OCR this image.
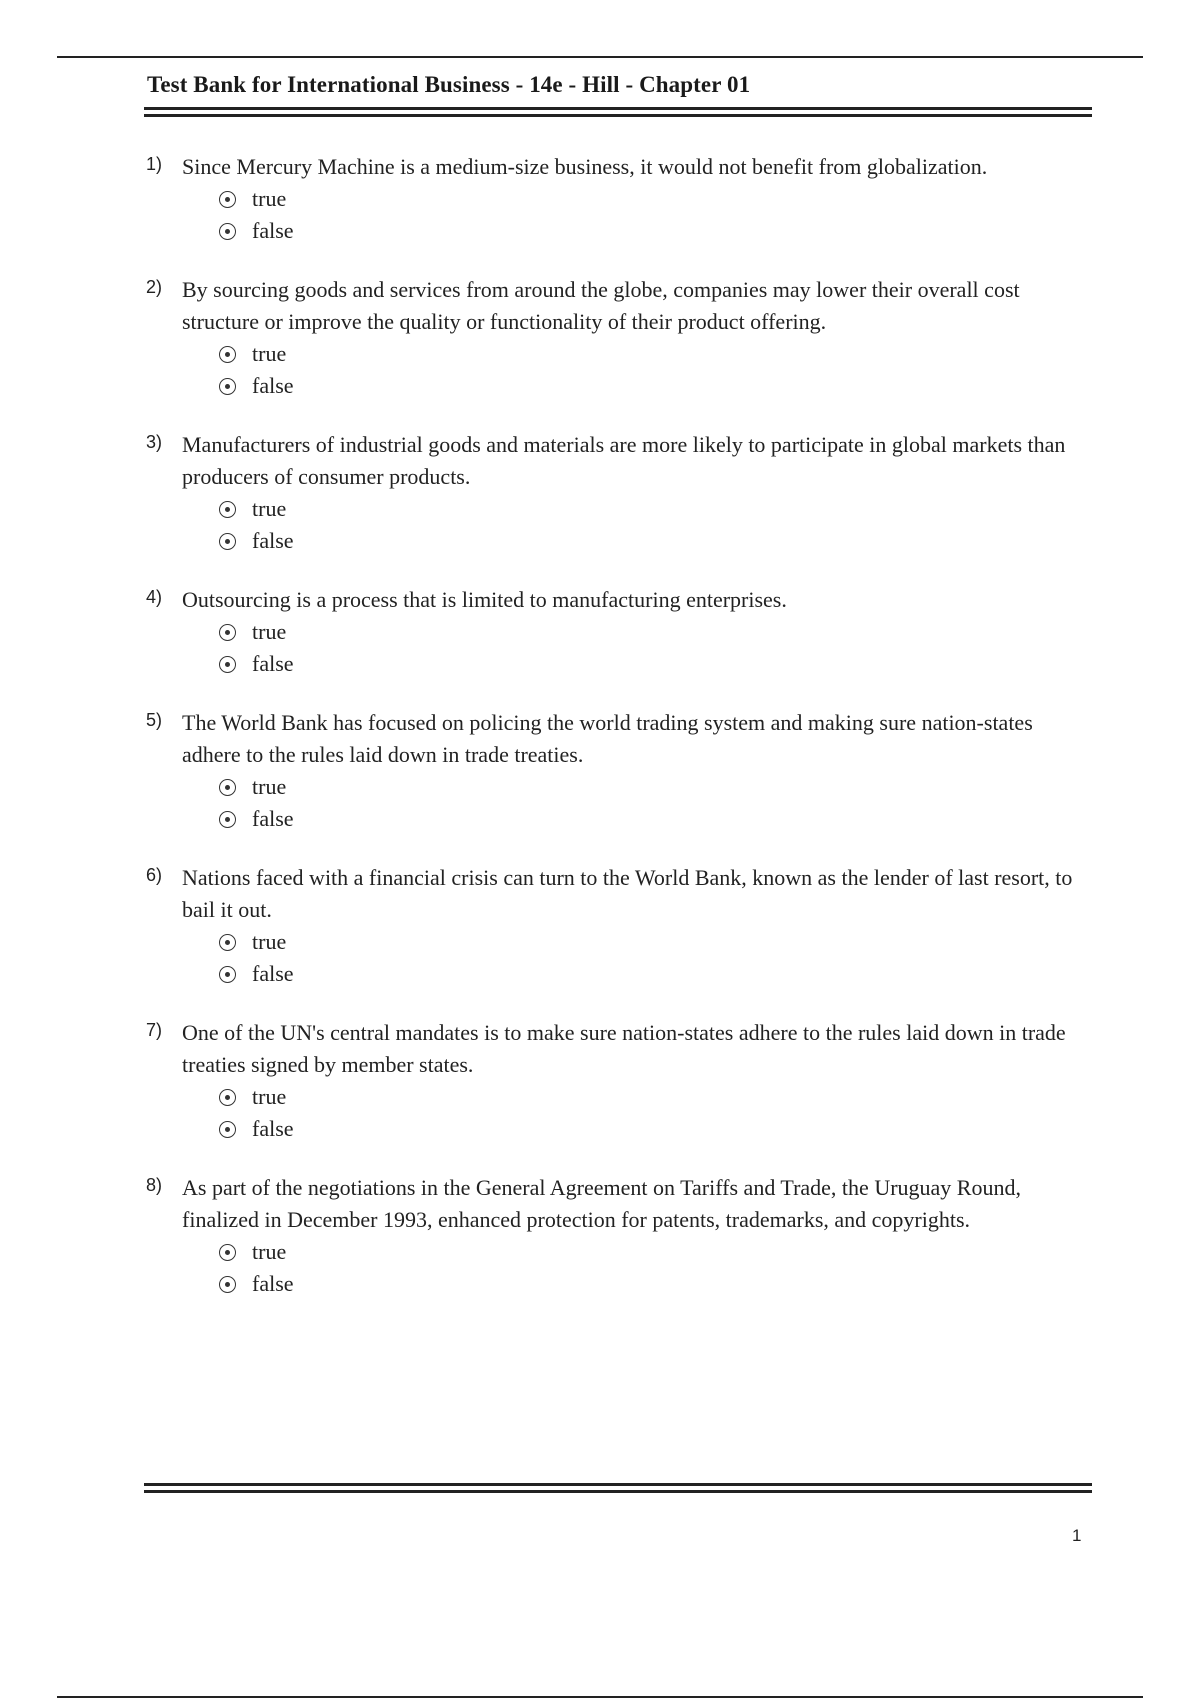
Test Bank for International Business - 14e - Hill - Chapter 01
1) Since Mercury Machine is a medium-size business, it would not benefit from globalization.
true
false
2) By sourcing goods and services from around the globe, companies may lower their overall cost structure or improve the quality or functionality of their product offering.
true
false
3) Manufacturers of industrial goods and materials are more likely to participate in global markets than producers of consumer products.
true
false
4) Outsourcing is a process that is limited to manufacturing enterprises.
true
false
5) The World Bank has focused on policing the world trading system and making sure nation-states adhere to the rules laid down in trade treaties.
true
false
6) Nations faced with a financial crisis can turn to the World Bank, known as the lender of last resort, to bail it out.
true
false
7) One of the UN's central mandates is to make sure nation-states adhere to the rules laid down in trade treaties signed by member states.
true
false
8) As part of the negotiations in the General Agreement on Tariffs and Trade, the Uruguay Round, finalized in December 1993, enhanced protection for patents, trademarks, and copyrights.
true
false
1
